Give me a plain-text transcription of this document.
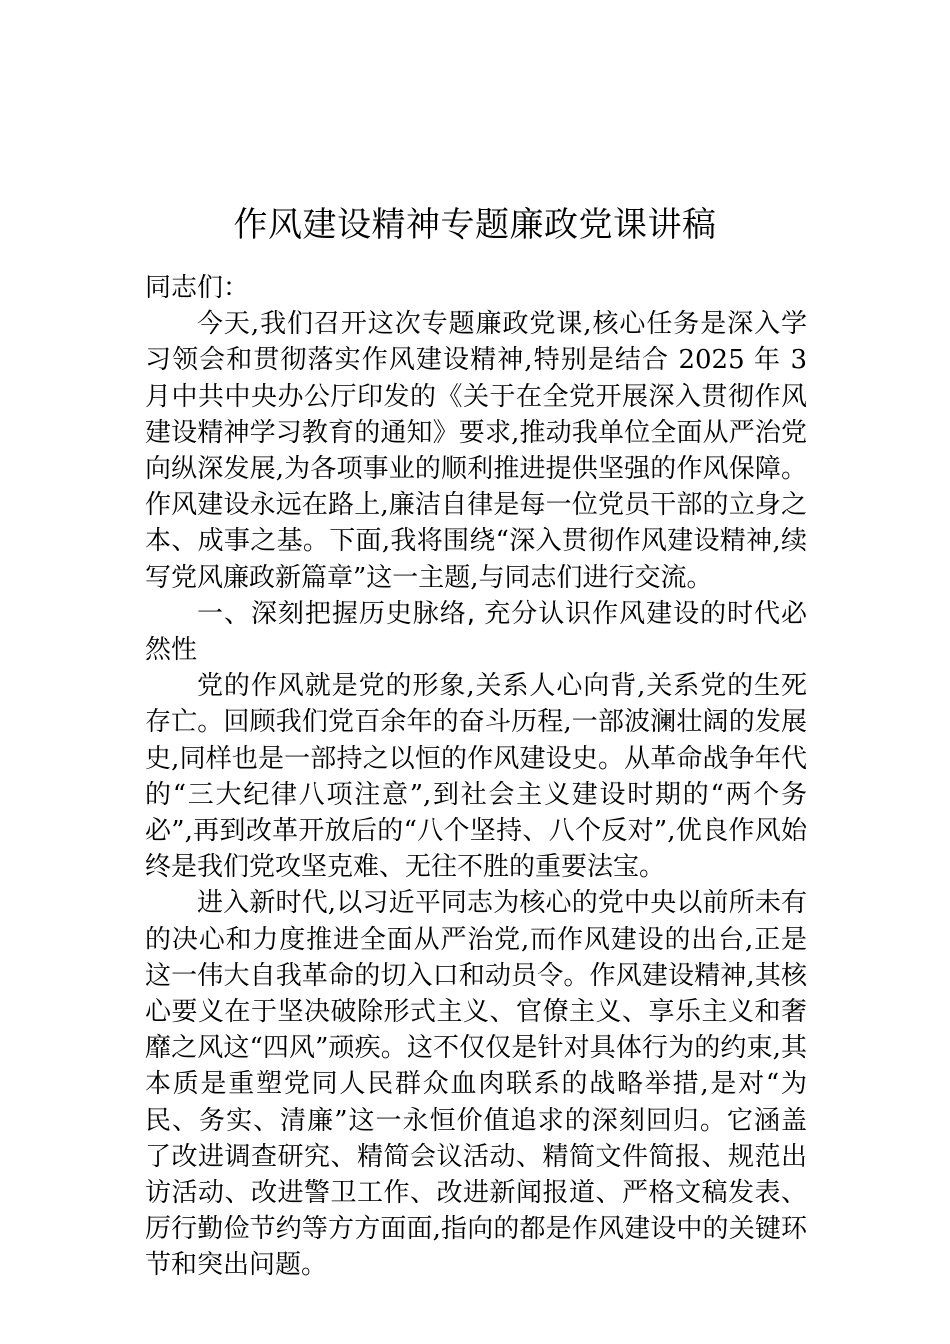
作风建设精神专题廉政党课讲稿

同志们：

今天,我们召开这次专题廉政党课,核心任务是深入学习领会和贯彻落实作风建设精神,特别是结合 2025 年 3 月中共中央办公厅印发的《关于在全党开展深入贯彻作风建设精神学习教育的通知》要求,推动我单位全面从严治党向纵深发展,为各项事业的顺利推进提供坚强的作风保障。作风建设永远在路上,廉洁自律是每一位党员干部的立身之本、成事之基。下面,我将围绕“深入贯彻作风建设精神,续写党风廉政新篇章”这一主题,与同志们进行交流。

一、深刻把握历史脉络, 充分认识作风建设的时代必然性

党的作风就是党的形象,关系人心向背,关系党的生死存亡。回顾我们党百余年的奋斗历程,一部波澜壮阔的发展史,同样也是一部持之以恒的作风建设史。从革命战争年代的“三大纪律八项注意”,到社会主义建设时期的“两个务必”,再到改革开放后的“八个坚持、八个反对”,优良作风始终是我们党攻坚克难、无往不胜的重要法宝。

进入新时代,以习近平同志为核心的党中央以前所未有的决心和力度推进全面从严治党,而作风建设的出台,正是这一伟大自我革命的切入口和动员令。作风建设精神,其核心要义在于坚决破除形式主义、官僚主义、享乐主义和奢靡之风这“四风”顽疾。这不仅仅是针对具体行为的约束,其本质是重塑党同人民群众血肉联系的战略举措,是对“为民、务实、清廉”这一永恒价值追求的深刻回归。它涵盖了改进调查研究、精简会议活动、精简文件简报、规范出访活动、改进警卫工作、改进新闻报道、严格文稿发表、厉行勤俭节约等方方面面,指向的都是作风建设中的关键环节和突出问题。
